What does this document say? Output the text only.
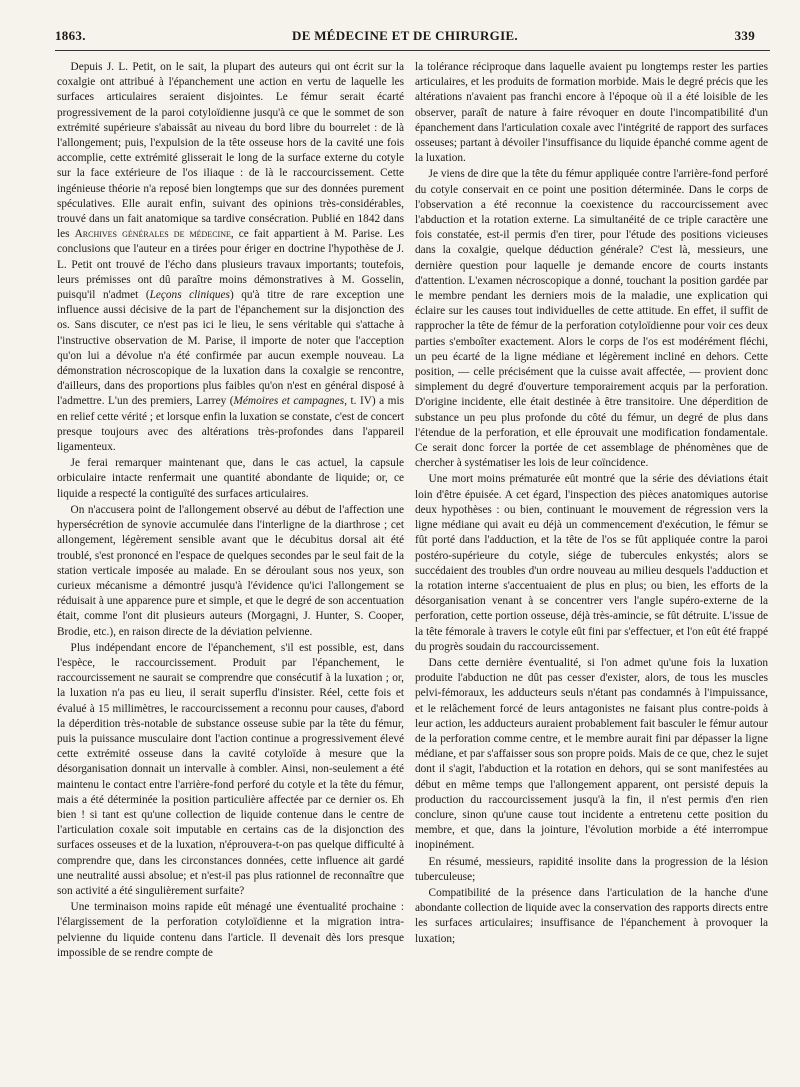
1863.	DE MÉDECINE ET DE CHIRURGIE.	339

Depuis J. L. Petit, on le sait, la plupart des auteurs qui ont écrit sur la coxalgie ont attribué à l'épanchement une action en vertu de laquelle les surfaces articulaires seraient disjointes. Le fémur serait écarté progressivement de la paroi cotyloïdienne jusqu'à ce que le sommet de son extrémité supérieure s'abaissât au niveau du bord libre du bourrelet : de là l'allongement; puis, l'expulsion de la tête osseuse hors de la cavité une fois accomplie, cette extrémité glisserait le long de la surface externe du cotyle sur la face extérieure de l'os iliaque : de là le raccourcissement. Cette ingénieuse théorie n'a reposé bien longtemps que sur des données purement spéculatives. Elle aurait enfin, suivant des opinions très-considérables, trouvé dans un fait anatomique sa tardive consécration. Publié en 1842 dans les Archives générales de médecine, ce fait appartient à M. Parise. Les conclusions que l'auteur en a tirées pour ériger en doctrine l'hypothèse de J. L. Petit ont trouvé de l'écho dans plusieurs travaux importants; toutefois, leurs prémisses ont dû paraître moins démonstratives à M. Gosselin, puisqu'il n'admet (Leçons cliniques) qu'à titre de rare exception une influence aussi décisive de la part de l'épanchement sur la disjonction des os. Sans discuter, ce n'est pas ici le lieu, le sens véritable qui s'attache à l'instructive observation de M. Parise, il importe de noter que l'acception qu'on lui a dévolue n'a été confirmée par aucun exemple nouveau. La démonstration nécroscopique de la luxation dans la coxalgie se rencontre, d'ailleurs, dans des proportions plus faibles qu'on n'est en général disposé à l'admettre. L'un des premiers, Larrey (Mémoires et campagnes, t. IV) a mis en relief cette vérité ; et lorsque enfin la luxation se constate, c'est de concert presque toujours avec des altérations très-profondes dans l'appareil ligamenteux.

Je ferai remarquer maintenant que, dans le cas actuel, la capsule orbiculaire intacte renfermait une quantité abondante de liquide; or, ce liquide a respecté la contiguïté des surfaces articulaires.

On n'accusera point de l'allongement observé au début de l'affection une hypersécrétion de synovie accumulée dans l'interligne de la diarthrose ; cet allongement, légèrement sensible avant que le décubitus dorsal ait été troublé, s'est prononcé en l'espace de quelques secondes par le seul fait de la station verticale imposée au malade. En se déroulant sous nos yeux, son curieux mécanisme a démontré jusqu'à l'évidence qu'ici l'allongement se réduisait à une apparence pure et simple, et que le degré de son accentuation était, comme l'ont dit plusieurs auteurs (Morgagni, J. Hunter, S. Cooper, Brodie, etc.), en raison directe de la déviation pelvienne.

Plus indépendant encore de l'épanchement, s'il est possible, est, dans l'espèce, le raccourcissement. Produit par l'épanchement, le raccourcissement ne saurait se comprendre que consécutif à la luxation ; or, la luxation n'a pas eu lieu, il serait superflu d'insister. Réel, cette fois et évalué à 15 millimètres, le raccourcissement a reconnu pour causes, d'abord la déperdition très-notable de substance osseuse subie par la tête du fémur, puis la puissance musculaire dont l'action continue a progressivement élevé cette extrémité osseuse dans la cavité cotyloïde à mesure que la désorganisation donnait un intervalle à combler. Ainsi, non-seulement a été maintenu le contact entre l'arrière-fond perforé du cotyle et la tête du fémur, mais a été déterminée la position particulière affectée par ce dernier os. Eh bien ! si tant est qu'une collection de liquide contenue dans le centre de l'articulation coxale soit imputable en certains cas de la disjonction des surfaces osseuses et de la luxation, n'éprouvera-t-on pas quelque difficulté à comprendre que, dans les circonstances données, cette influence ait gardé une neutralité aussi absolue; et n'est-il pas plus rationnel de reconnaître que son activité a été singulièrement surfaite?

Une terminaison moins rapide eût ménagé une éventualité prochaine : l'élargissement de la perforation cotyloïdienne et la migration intra-pelvienne du liquide contenu dans l'article. Il devenait dès lors presque impossible de se rendre compte de

la tolérance réciproque dans laquelle avaient pu longtemps rester les parties articulaires, et les produits de formation morbide. Mais le degré précis que les altérations n'avaient pas franchi encore à l'époque où il a été loisible de les observer, paraît de nature à faire révoquer en doute l'incompatibilité d'un épanchement dans l'articulation coxale avec l'intégrité de rapport des surfaces osseuses; partant à dévoiler l'insuffisance du liquide épanché comme agent de la luxation.

Je viens de dire que la tête du fémur appliquée contre l'arrière-fond perforé du cotyle conservait en ce point une position déterminée. Dans le corps de l'observation a été reconnue la coexistence du raccourcissement avec l'abduction et la rotation externe. La simultanéité de ce triple caractère une fois constatée, est-il permis d'en tirer, pour l'étude des positions vicieuses dans la coxalgie, quelque déduction générale? C'est là, messieurs, une dernière question pour laquelle je demande encore de courts instants d'attention. L'examen nécroscopique a donné, touchant la position gardée par le membre pendant les derniers mois de la maladie, une explication qui éclaire sur les causes tout individuelles de cette attitude. En effet, il suffit de rapprocher la tête de fémur de la perforation cotyloïdienne pour voir ces deux parties s'emboîter exactement. Alors le corps de l'os est modérément fléchi, un peu écarté de la ligne médiane et légèrement incliné en dehors. Cette position, — celle précisément que la cuisse avait affectée, — provient donc simplement du degré d'ouverture temporairement acquis par la perforation. D'origine incidente, elle était destinée à être transitoire. Une déperdition de substance un peu plus profonde du côté du fémur, un degré de plus dans l'étendue de la perforation, et elle éprouvait une modification fondamentale. Ce serait donc forcer la portée de cet assemblage de phénomènes que de chercher à systématiser les lois de leur coïncidence.

Une mort moins prématurée eût montré que la série des déviations était loin d'être épuisée. A cet égard, l'inspection des pièces anatomiques autorise deux hypothèses : ou bien, continuant le mouvement de régression vers la ligne médiane qui avait eu déjà un commencement d'exécution, le fémur se fût porté dans l'adduction, et la tête de l'os se fût appliquée contre la paroi postéro-supérieure du cotyle, siége de tubercules enkystés; alors se succédaient des troubles d'un ordre nouveau au milieu desquels l'adduction et la rotation interne s'accentuaient de plus en plus; ou bien, les efforts de la désorganisation venant à se concentrer vers l'angle supéro-externe de la perforation, cette portion osseuse, déjà très-amincie, se fût détruite. L'issue de la tête fémorale à travers le cotyle eût fini par s'effectuer, et l'on eût été frappé du progrès soudain du raccourcissement.

Dans cette dernière éventualité, si l'on admet qu'une fois la luxation produite l'abduction ne dût pas cesser d'exister, alors, de tous les muscles pelvi-fémoraux, les adducteurs seuls n'étant pas condamnés à l'impuissance, et le relâchement forcé de leurs antagonistes ne faisant plus contre-poids à leur action, les adducteurs auraient probablement fait basculer le fémur autour de la perforation comme centre, et le membre aurait fini par dépasser la ligne médiane, et par s'affaisser sous son propre poids. Mais de ce que, chez le sujet dont il s'agit, l'abduction et la rotation en dehors, qui se sont manifestées au début en même temps que l'allongement apparent, ont persisté depuis la production du raccourcissement jusqu'à la fin, il n'est permis d'en rien conclure, sinon qu'une cause tout incidente a entretenu cette position du membre, et que, dans la jointure, l'évolution morbide a été interrompue inopinément.

En résumé, messieurs, rapidité insolite dans la progression de la lésion tuberculeuse;

Compatibilité de la présence dans l'articulation de la hanche d'une abondante collection de liquide avec la conservation des rapports directs entre les surfaces articulaires; insuffisance de l'épanchement à provoquer la luxation;
